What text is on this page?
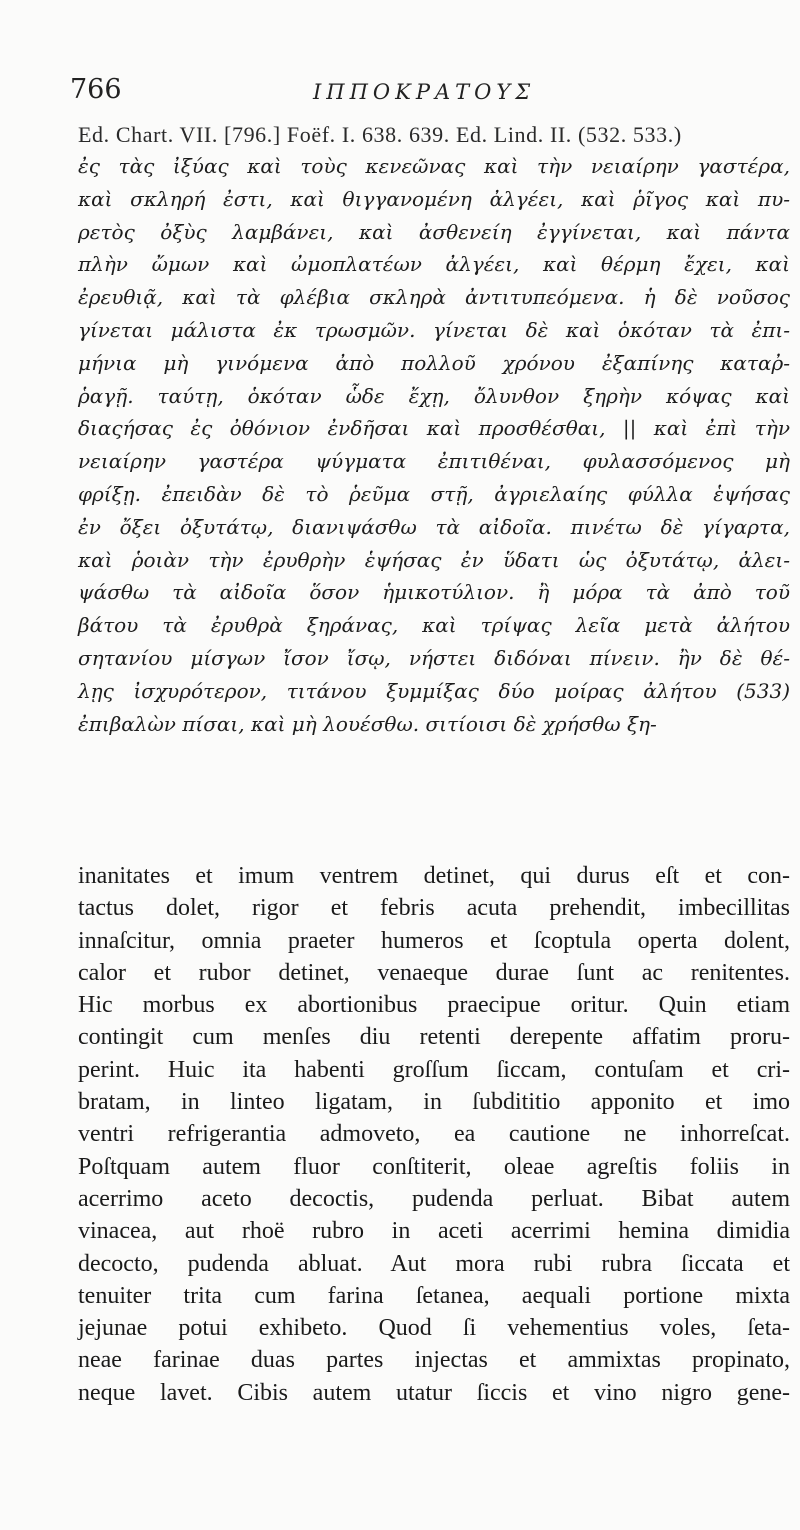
766	ΙΠΠΟΚΡΑΤΟΥΣ
Ed. Chart. VII. [796.] Foëf. I. 638. 639. Ed. Lind. II. (532. 533.)
ἐς τὰς ἰξύας καὶ τοὺς κενεῶνας καὶ τὴν νειαίρην γαστέρα,
καὶ σκληρή ἐστι, καὶ θιγγανομένη ἀλγέει, καὶ ῥῖγος καὶ πυ-
ρετὸς ὀξὺς λαμβάνει, καὶ ἀσθενείη ἐγγίνεται, καὶ πάντα
πλὴν ὤμων καὶ ὠμοπλατέων ἀλγέει, καὶ θέρμη ἔχει, καὶ
ἐρευθιᾷ, καὶ τὰ φλέβια σκληρὰ ἀντιτυπεόμενα. ἡ δὲ νοῦσος
γίνεται μάλιστα ἐκ τρωσμῶν. γίνεται δὲ καὶ ὁκόταν τὰ ἐπι-
μήνια μὴ γινόμενα ἀπὸ πολλοῦ χρόνου ἐξαπίνης καταῤ-
ῥαγῇ. ταύτῃ, ὁκόταν ὧδε ἔχῃ, ὄλυνθον ξηρὴν κόψας καὶ
διαςήσας ἐς ὀθόνιον ἐνδῆσαι καὶ προσθέσθαι, || καὶ ἐπὶ τὴν
νειαίρην γαστέρα ψύγματα ἐπιτιθέναι, φυλασσόμενος μὴ
φρίξῃ. ἐπειδὰν δὲ τὸ ῥεῦμα στῇ, ἀγριελαίης φύλλα ἑψήσας
ἐν ὄξει ὀξυτάτῳ, διανιψάσθω τὰ αἰδοῖα. πινέτω δὲ γίγαρτα,
καὶ ῥοιὰν τὴν ἐρυθρὴν ἑψήσας ἐν ὕδατι ὡς ὀξυτάτῳ, ἀλει-
ψάσθω τὰ αἰδοῖα ὅσον ἡμικοτύλιον. ἢ μόρα τὰ ἀπὸ τοῦ
βάτου τὰ ἐρυθρὰ ξηράνας, καὶ τρίψας λεῖα μετὰ ἀλήτου
σητανίου μίσγων ἴσον ἴσῳ, νήστει διδόναι πίνειν. ἢν δὲ θέ-
λῃς ἰσχυρότερον, τιτάνου ξυμμίξας δύο μοίρας ἀλήτου (533)
ἐπιβαλὼν πίσαι, καὶ μὴ λουέσθω. σιτίοισι δὲ χρήσθω ξη-
inanitates et imum ventrem detinet, qui durus eſt et con-
tactus dolet, rigor et febris acuta prehendit, imbecillitas
innaſcitur, omnia praeter humeros et ſcoptula operta dolent,
calor et rubor detinet, venaeque durae ſunt ac renitentes.
Hic morbus ex abortionibus praecipue oritur. Quin etiam
contingit cum menſes diu retenti derepente affatim proru-
perint. Huic ita habenti groſſum ſiccam, contuſam et cri-
bratam, in linteo ligatam, in ſubdititio apponito et imo
ventri refrigerantia admoveto, ea cautione ne inhorreſcat.
Poſtquam autem fluor conſtiterit, oleae agreſtis foliis in
acerrimo aceto decoctis, pudenda perluat. Bibat autem
vinacea, aut rhoë rubro in aceti acerrimi hemina dimidia
decocto, pudenda abluat. Aut mora rubi rubra ſiccata et
tenuiter trita cum farina ſetanea, aequali portione mixta
jejunae potui exhibeto. Quod ſi vehementius voles, ſeta-
neae farinae duas partes injectas et ammixtas propinato,
neque lavet. Cibis autem utatur ſiccis et vino nigro gene-
